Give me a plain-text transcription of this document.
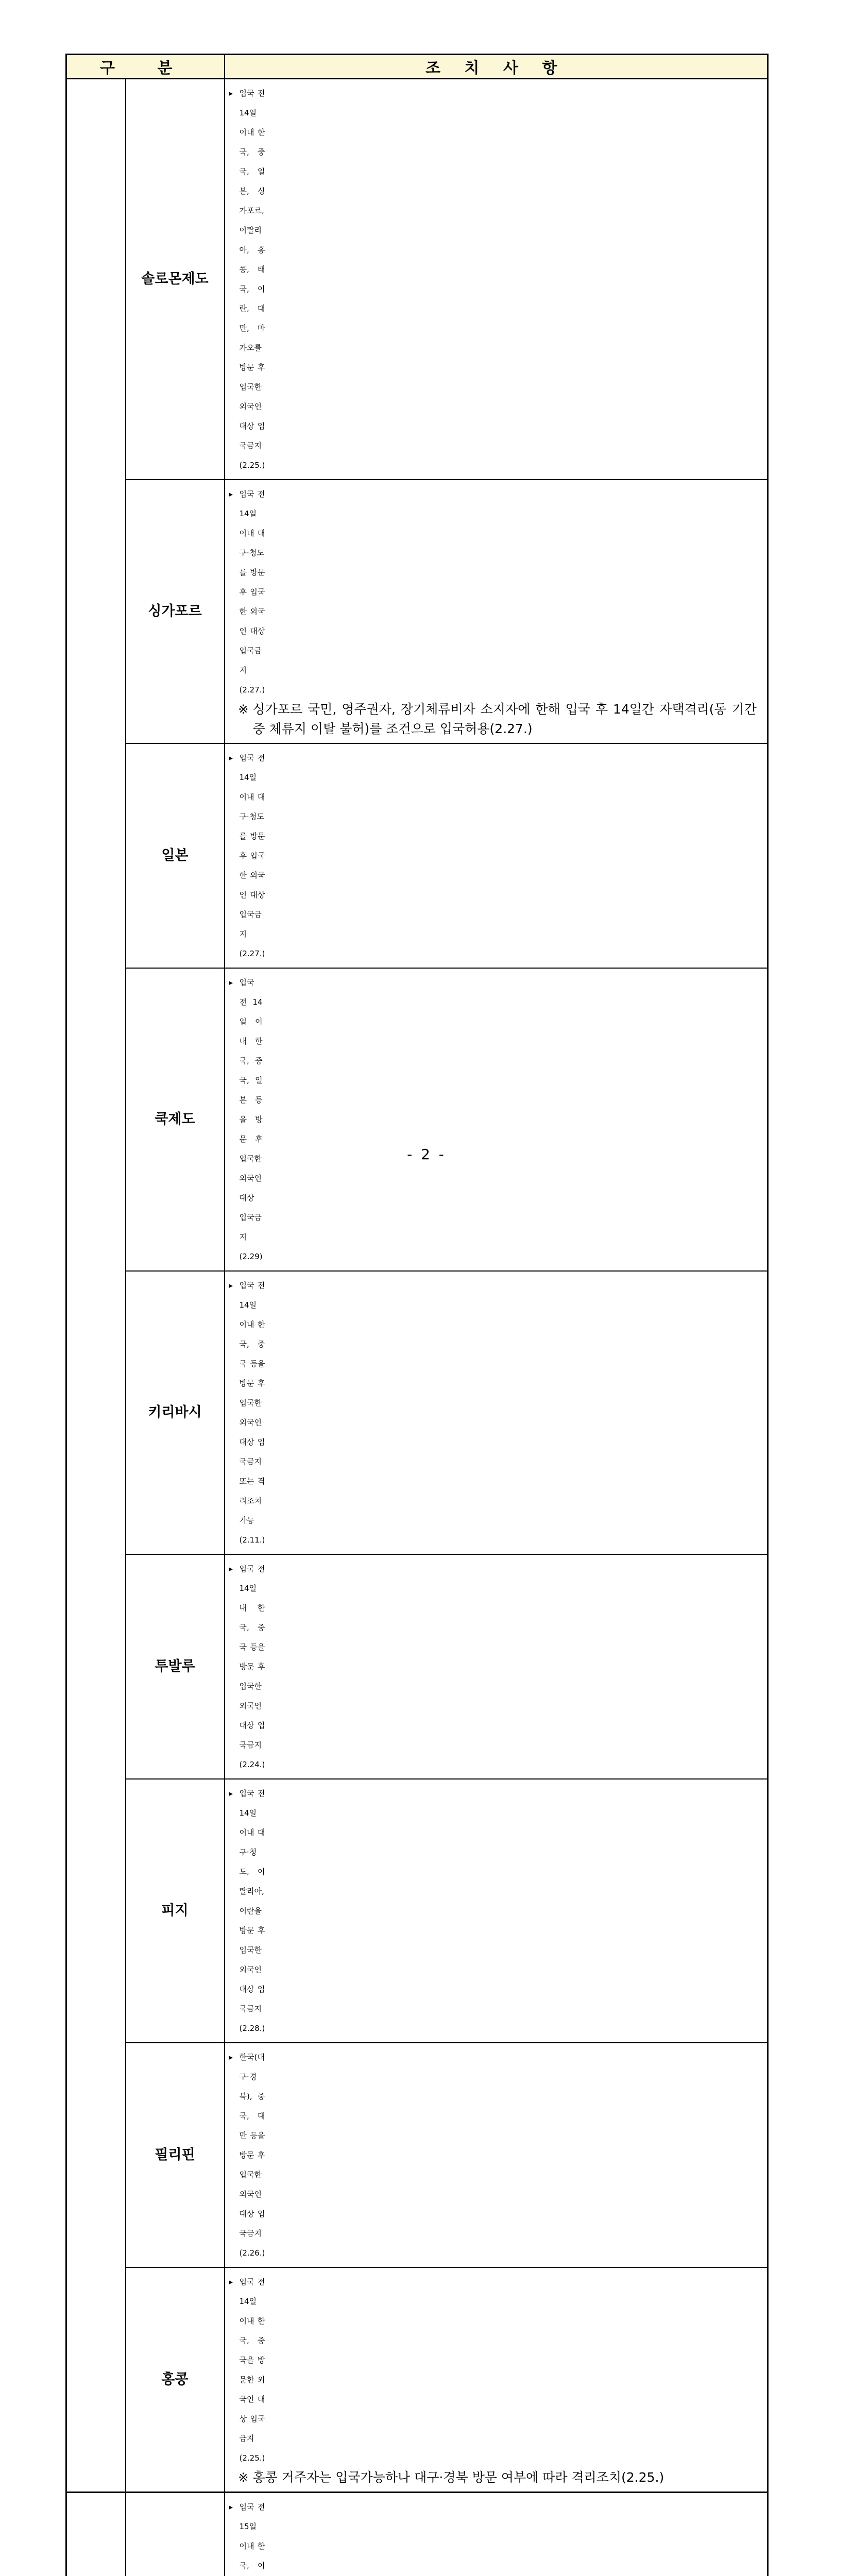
구 분		조 치 사 항

	솔로몬제도	▸ 입국 전 14일 이내 한국, 중국, 일본, 싱가포르, 이탈리아, 홍콩, 태국, 이란, 대만, 마카오를 방문 후 입국한 외국인 대상 입국금지(2.25.)

	싱가포르	▸ 입국 전 14일 이내 대구·청도를 방문 후 입국한 외국인 대상 입국금지(2.27.)
※ 싱가포르 국민, 영주권자, 장기체류비자 소지자에 한해 입국 후 14일간 자택격리(동 기간 중 체류지 이탈 불허)를 조건으로 입국허용(2.27.)

	일본	▸ 입국 전 14일 이내 대구·청도를 방문 후 입국한 외국인 대상 입국금지(2.27.)

	쿡제도	▸ 입국 전 14일 이내 한국, 중국, 일본 등을 방문 후 입국한 외국인 대상 입국금지(2.29)

	키리바시	▸ 입국 전 14일 이내 한국, 중국 등을 방문 후 입국한 외국인 대상 입국금지 또는 격리조치 가능(2.11.)

	투발루	▸ 입국 전 14일 내 한국, 중국 등을 방문 후 입국한 외국인 대상 입국금지(2.24.)

	피지	▸ 입국 전 14일 이내 대구·청도, 이탈리아, 이란을 방문 후 입국한 외국인 대상 입국금지(2.28.)

	필리핀	▸ 한국(대구·경북), 중국, 대만 등을 방문 후 입국한 외국인 대상 입국금지(2.26.)

	홍콩	▸ 입국 전 14일 이내 한국, 중국을 방문한 외국인 대상 입국금지(2.25.)
※ 홍콩 거주자는 입국가능하나 대구·경북 방문 여부에 따라 격리조치(2.25.)

▸ 입국 전 15일 이내 한국, 이

- 2 -
